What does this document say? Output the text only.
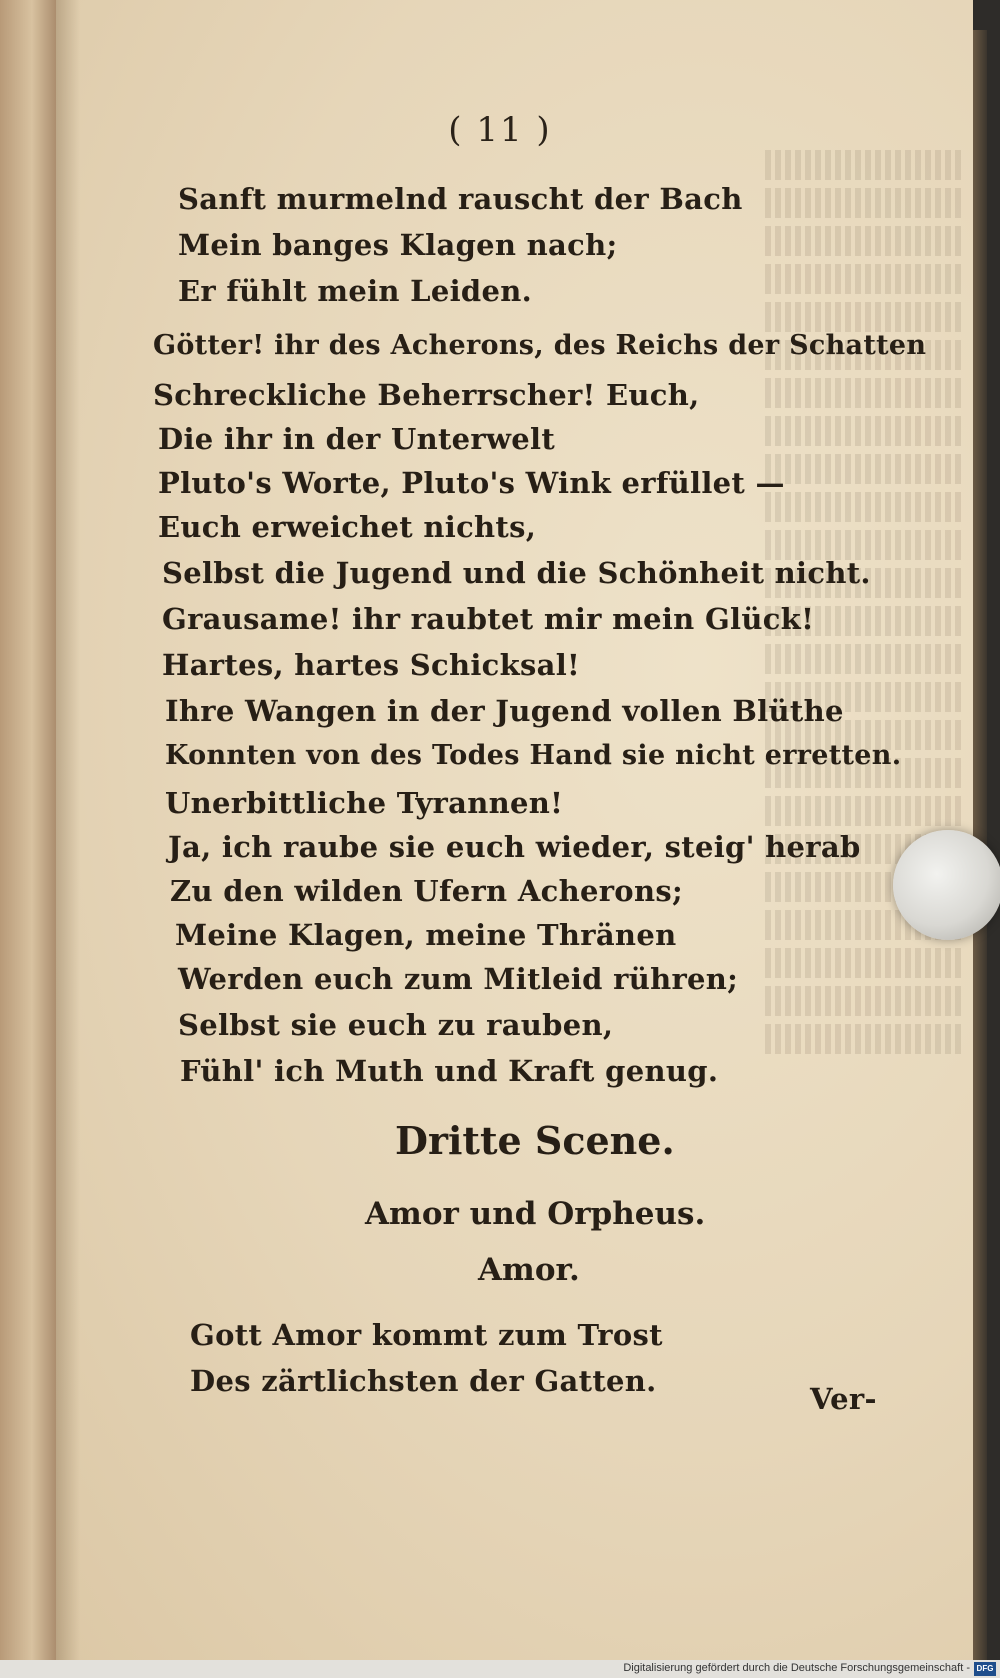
( 11 )
Sanft murmelnd rauscht der Bach
Mein banges Klagen nach;
Er fühlt mein Leiden.
Götter! ihr des Acherons, des Reichs der Schatten
Schreckliche Beherrscher! Euch,
Die ihr in der Unterwelt
Pluto's Worte, Pluto's Wink erfüllet —
Euch erweichet nichts,
Selbst die Jugend und die Schönheit nicht.
Grausame! ihr raubtet mir mein Glück!
Hartes, hartes Schicksal!
Ihre Wangen in der Jugend vollen Blüthe
Konnten von des Todes Hand sie nicht erretten.
Unerbittliche Tyrannen!
Ja, ich raube sie euch wieder, steig' herab
Zu den wilden Ufern Acherons;
Meine Klagen, meine Thränen
Werden euch zum Mitleid rühren;
Selbst sie euch zu rauben,
Fühl' ich Muth und Kraft genug.
Dritte Scene.
Amor und Orpheus.
Amor.
Gott Amor kommt zum Trost
Des zärtlichsten der Gatten.
Ver-
Digitalisierung gefördert durch die Deutsche Forschungsgemeinschaft - DFG
